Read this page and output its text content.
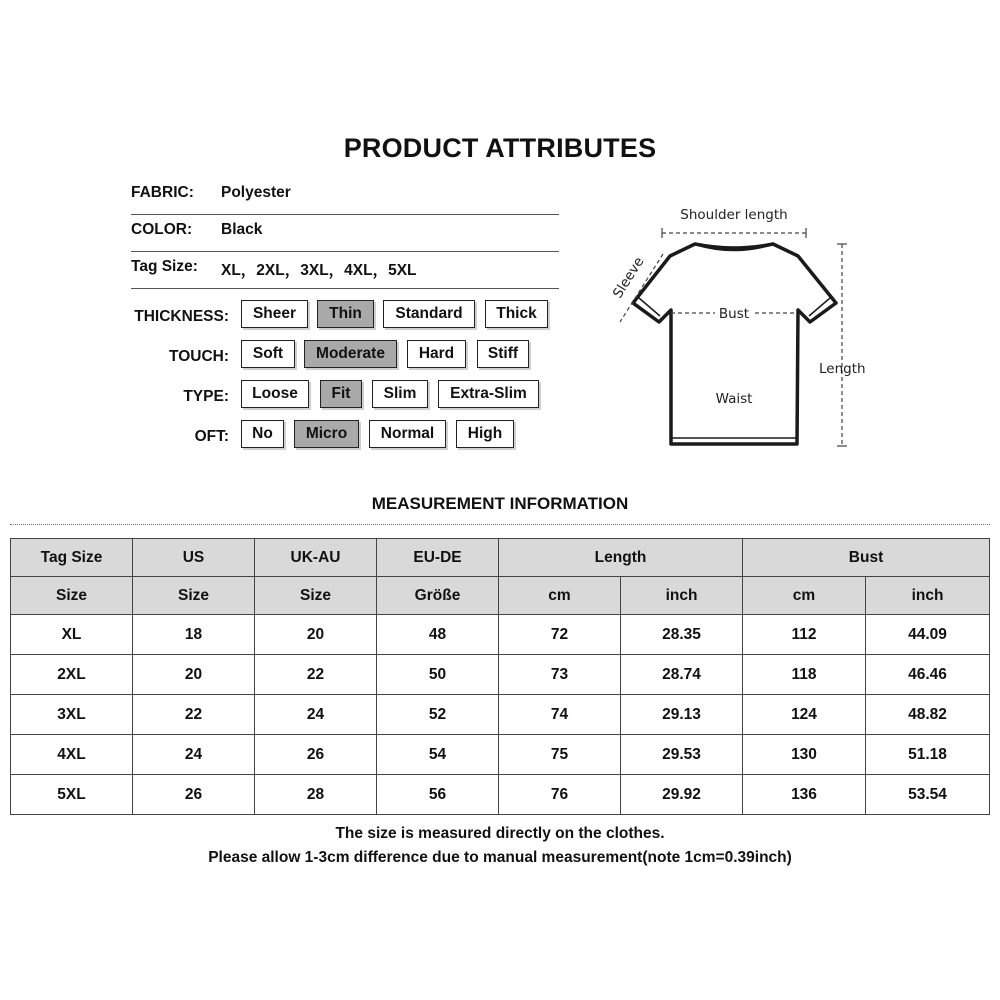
PRODUCT ATTRIBUTES
FABRIC: Polyester
COLOR: Black
Tag Size: XL，2XL，3XL，4XL，5XL
THICKNESS:	Sheer	Thin	Standard	Thick
TOUCH:	Soft	Moderate	Hard	Stiff
TYPE:	Loose	Fit	Slim	Extra-Slim
OFT:	No	Micro	Normal	High
Shoulder length
Sleeve
Bust
Length
Waist
MEASUREMENT INFORMATION
Tag Size	US	UK-AU	EU-DE	Length		Bust	
Size	Size	Size	Größe	cm	inch	cm	inch
XL	18	20	48	72	28.35	112	44.09
2XL	20	22	50	73	28.74	118	46.46
3XL	22	24	52	74	29.13	124	48.82
4XL	24	26	54	75	29.53	130	51.18
5XL	26	28	56	76	29.92	136	53.54
The size is measured directly on the clothes.
Please allow 1-3cm difference due to manual measurement(note 1cm=0.39inch)
